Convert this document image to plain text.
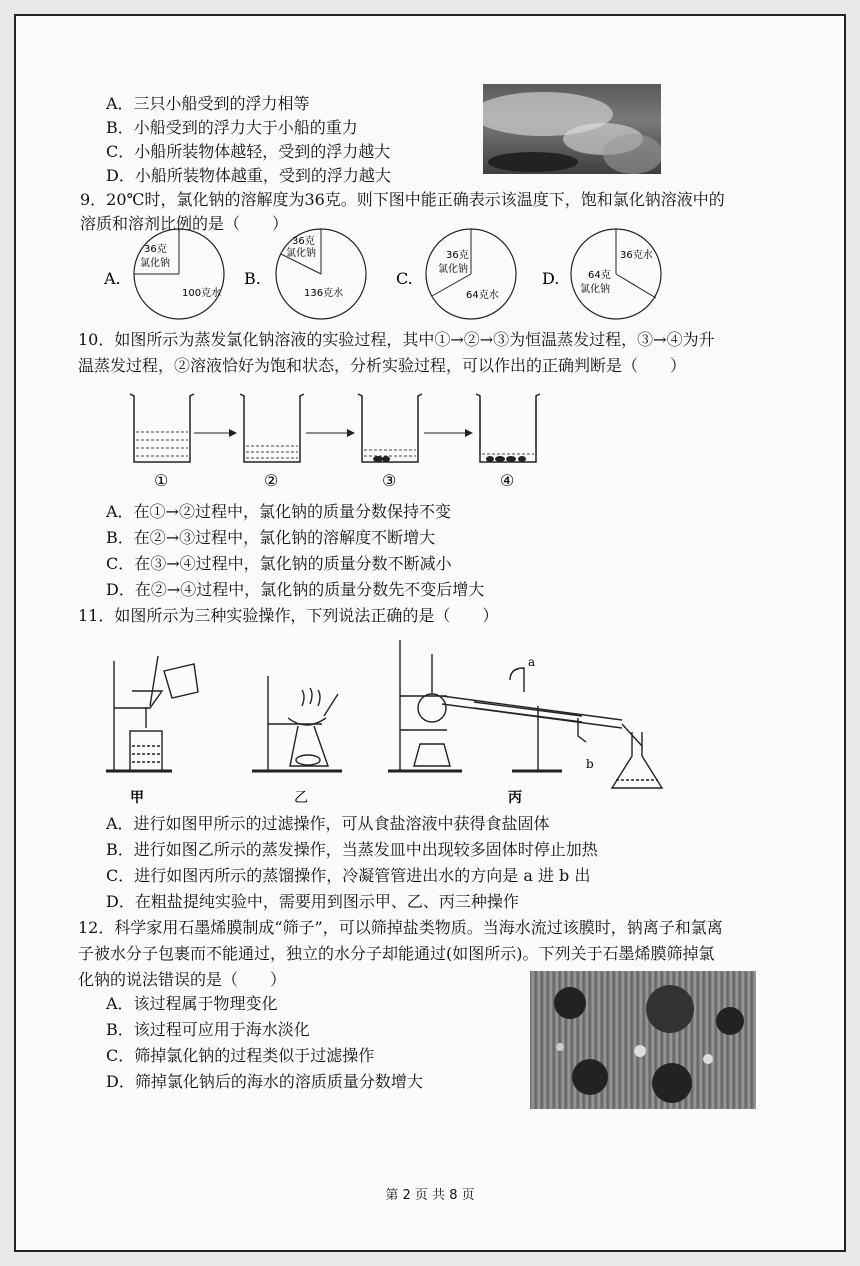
A．三只小船受到的浮力相等
B．小船受到的浮力大于小船的重力
C．小船所装物体越轻，受到的浮力越大
D．小船所装物体越重，受到的浮力越大
9．20℃时，氯化钠的溶解度为36克。则下图中能正确表示该温度下，饱和氯化钠溶液中的
溶质和溶剂比例的是（　　）
A.
36克
氯化钠
100克水
B.
36克
氯化钠
136克水
C.
36克
氯化钠
64克水
D.
36克水
64克
氯化钠
10．如图所示为蒸发氯化钠溶液的实验过程，其中①→②→③为恒温蒸发过程，③→④为升
温蒸发过程，②溶液恰好为饱和状态，分析实验过程，可以作出的正确判断是（　　）
①	②	③	④
A．在①→②过程中，氯化钠的质量分数保持不变
B．在②→③过程中，氯化钠的溶解度不断增大
C．在③→④过程中，氯化钠的质量分数不断减小
D．在②→④过程中，氯化钠的质量分数先不变后增大
11．如图所示为三种实验操作，下列说法正确的是（　　）
甲	乙
a
b
丙
A．进行如图甲所示的过滤操作，可从食盐溶液中获得食盐固体
B．进行如图乙所示的蒸发操作，当蒸发皿中出现较多固体时停止加热
C．进行如图丙所示的蒸馏操作，冷凝管管进出水的方向是 a 进 b 出
D．在粗盐提纯实验中，需要用到图示甲、乙、丙三种操作
12．科学家用石墨烯膜制成“筛子”，可以筛掉盐类物质。当海水流过该膜时，钠离子和氯离
子被水分子包裹而不能通过，独立的水分子却能通过(如图所示)。下列关于石墨烯膜筛掉氯
化钠的说法错误的是（　　）
A．该过程属于物理变化
B．该过程可应用于海水淡化
C．筛掉氯化钠的过程类似于过滤操作
D．筛掉氯化钠后的海水的溶质质量分数增大
第 2 页 共 8 页
